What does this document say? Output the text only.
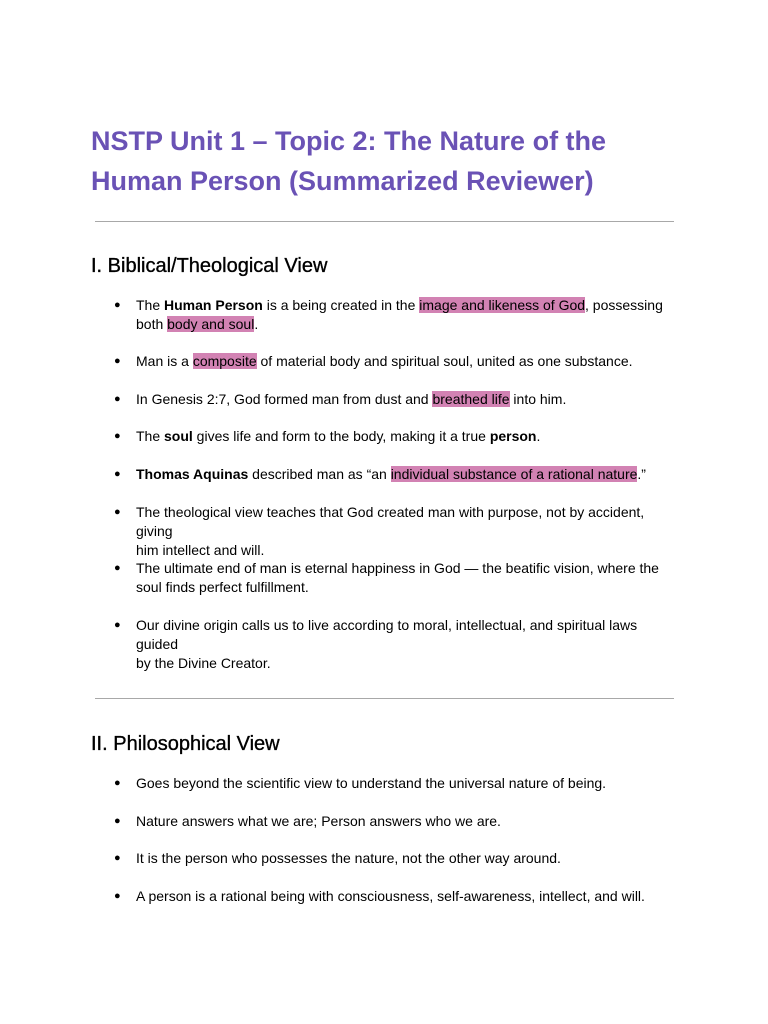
NSTP Unit 1 – Topic 2: The Nature of the
Human Person (Summarized Reviewer)
I. Biblical/Theological View
● The Human Person is a being created in the image and likeness of God, possessing
both body and soul.
● Man is a composite of material body and spiritual soul, united as one substance.
● In Genesis 2:7, God formed man from dust and breathed life into him.
● The soul gives life and form to the body, making it a true person.
● Thomas Aquinas described man as “an individual substance of a rational nature.”
● The theological view teaches that God created man with purpose, not by accident, giving
him intellect and will.
● The ultimate end of man is eternal happiness in God — the beatific vision, where the
soul finds perfect fulfillment.
● Our divine origin calls us to live according to moral, intellectual, and spiritual laws guided
by the Divine Creator.
II. Philosophical View
● Goes beyond the scientific view to understand the universal nature of being.
● Nature answers what we are; Person answers who we are.
● It is the person who possesses the nature, not the other way around.
● A person is a rational being with consciousness, self-awareness, intellect, and will.
